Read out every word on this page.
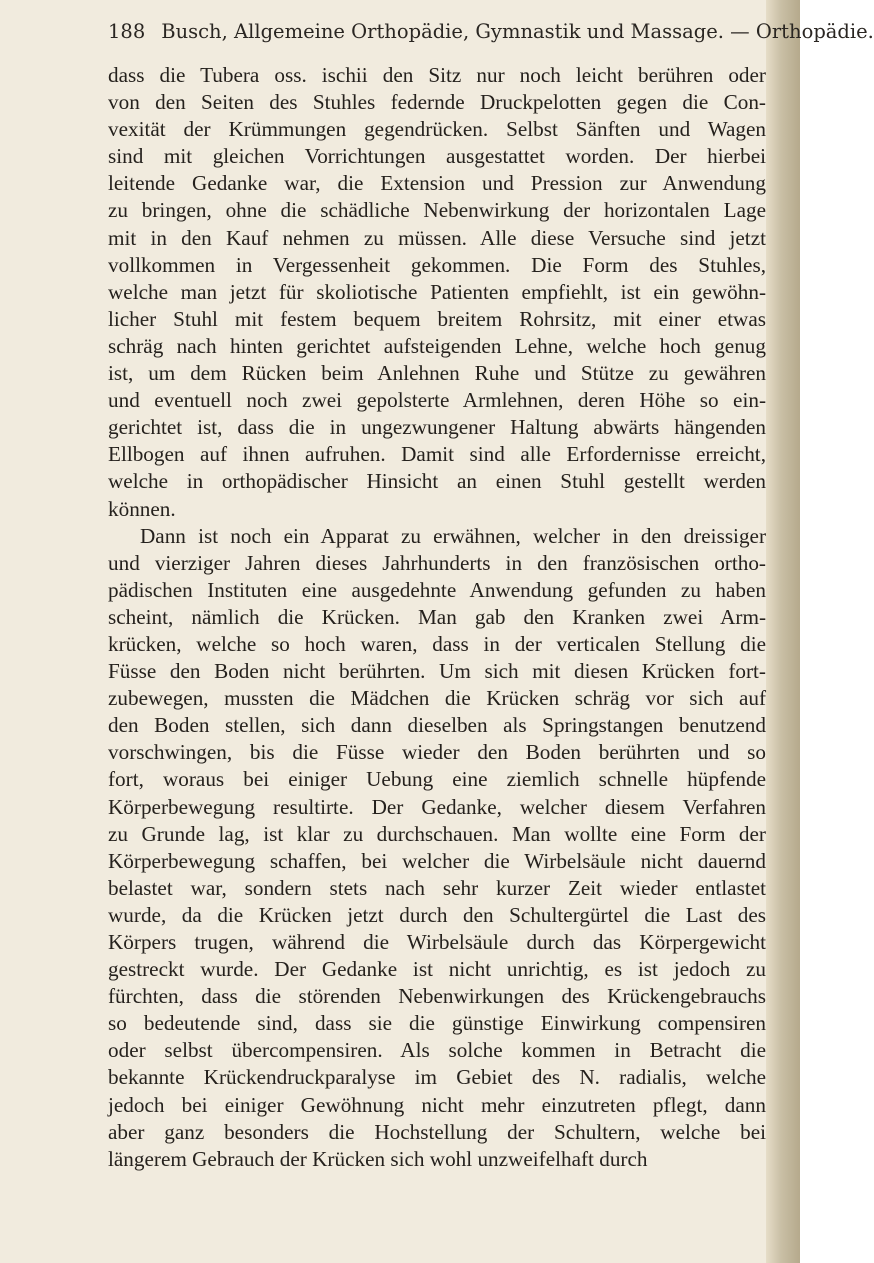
188 Busch, Allgemeine Orthopädie, Gymnastik und Massage. — Orthopädie.
dass die Tubera oss. ischii den Sitz nur noch leicht berühren oder
von den Seiten des Stuhles federnde Druckpelotten gegen die Con-
vexität der Krümmungen gegendrücken. Selbst Sänften und Wagen
sind mit gleichen Vorrichtungen ausgestattet worden. Der hierbei
leitende Gedanke war, die Extension und Pression zur Anwendung
zu bringen, ohne die schädliche Nebenwirkung der horizontalen Lage
mit in den Kauf nehmen zu müssen. Alle diese Versuche sind jetzt
vollkommen in Vergessenheit gekommen. Die Form des Stuhles,
welche man jetzt für skoliotische Patienten empfiehlt, ist ein gewöhn-
licher Stuhl mit festem bequem breitem Rohrsitz, mit einer etwas
schräg nach hinten gerichtet aufsteigenden Lehne, welche hoch genug
ist, um dem Rücken beim Anlehnen Ruhe und Stütze zu gewähren
und eventuell noch zwei gepolsterte Armlehnen, deren Höhe so ein-
gerichtet ist, dass die in ungezwungener Haltung abwärts hängenden
Ellbogen auf ihnen aufruhen. Damit sind alle Erfordernisse erreicht,
welche in orthopädischer Hinsicht an einen Stuhl gestellt werden
können.
Dann ist noch ein Apparat zu erwähnen, welcher in den dreissiger
und vierziger Jahren dieses Jahrhunderts in den französischen ortho-
pädischen Instituten eine ausgedehnte Anwendung gefunden zu haben
scheint, nämlich die Krücken. Man gab den Kranken zwei Arm-
krücken, welche so hoch waren, dass in der verticalen Stellung die
Füsse den Boden nicht berührten. Um sich mit diesen Krücken fort-
zubewegen, mussten die Mädchen die Krücken schräg vor sich auf
den Boden stellen, sich dann dieselben als Springstangen benutzend
vorschwingen, bis die Füsse wieder den Boden berührten und so
fort, woraus bei einiger Uebung eine ziemlich schnelle hüpfende
Körperbewegung resultirte. Der Gedanke, welcher diesem Verfahren
zu Grunde lag, ist klar zu durchschauen. Man wollte eine Form der
Körperbewegung schaffen, bei welcher die Wirbelsäule nicht dauernd
belastet war, sondern stets nach sehr kurzer Zeit wieder entlastet
wurde, da die Krücken jetzt durch den Schultergürtel die Last des
Körpers trugen, während die Wirbelsäule durch das Körpergewicht
gestreckt wurde. Der Gedanke ist nicht unrichtig, es ist jedoch zu
fürchten, dass die störenden Nebenwirkungen des Krückengebrauchs
so bedeutende sind, dass sie die günstige Einwirkung compensiren
oder selbst übercompensiren. Als solche kommen in Betracht die
bekannte Krückendruckparalyse im Gebiet des N. radialis, welche
jedoch bei einiger Gewöhnung nicht mehr einzutreten pflegt, dann
aber ganz besonders die Hochstellung der Schultern, welche bei
längerem Gebrauch der Krücken sich wohl unzweifelhaft durch
